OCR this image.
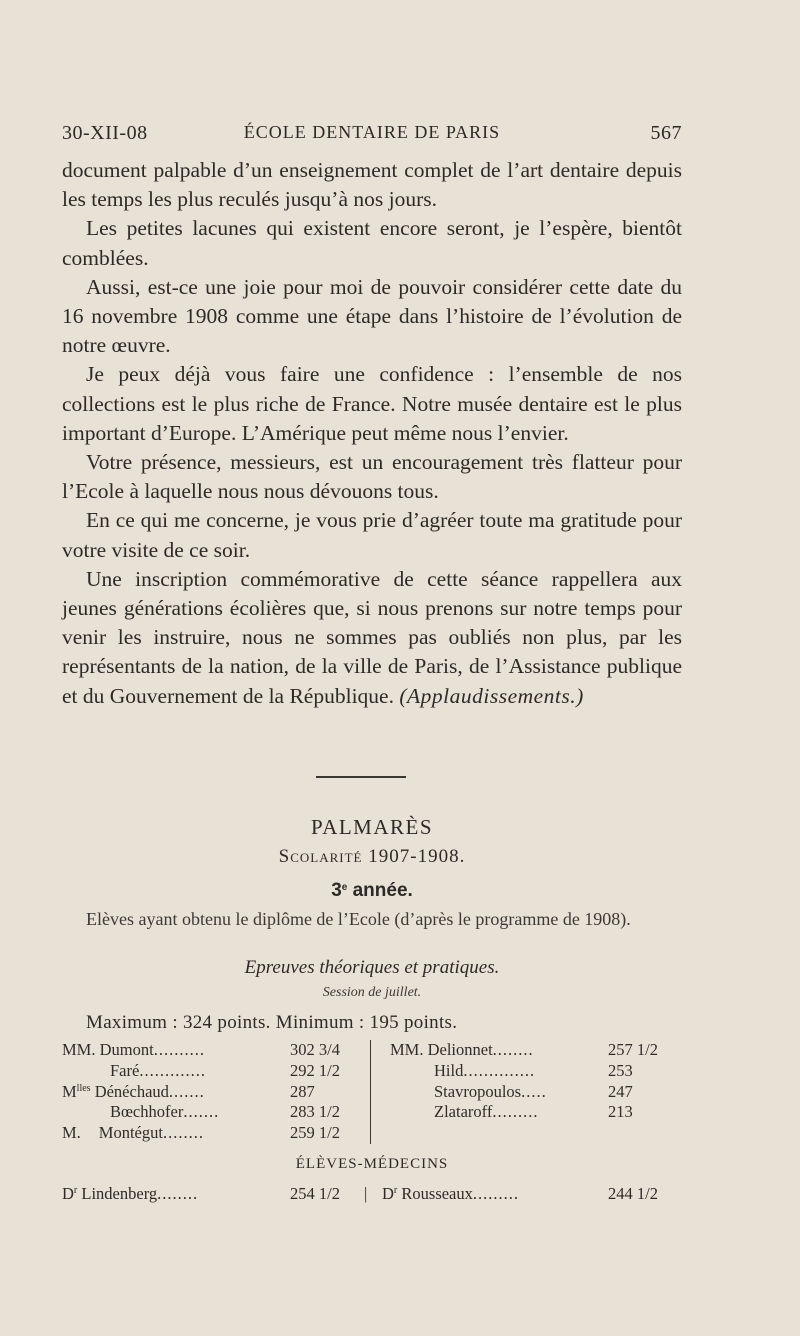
30-XII-08	ÉCOLE DENTAIRE DE PARIS	567

document palpable d’un enseignement complet de l’art dentaire depuis les temps les plus reculés jusqu’à nos jours.

Les petites lacunes qui existent encore seront, je l’espère, bientôt comblées.

Aussi, est-ce une joie pour moi de pouvoir considérer cette date du 16 novembre 1908 comme une étape dans l’histoire de l’évolution de notre œuvre.

Je peux déjà vous faire une confidence : l’ensemble de nos collections est le plus riche de France. Notre musée dentaire est le plus important d’Europe. L’Amérique peut même nous l’envier.

Votre présence, messieurs, est un encouragement très flatteur pour l’Ecole à laquelle nous nous dévouons tous.

En ce qui me concerne, je vous prie d’agréer toute ma gratitude pour votre visite de ce soir.

Une inscription commémorative de cette séance rappellera aux jeunes générations écolières que, si nous prenons sur notre temps pour venir les instruire, nous ne sommes pas oubliés non plus, par les représentants de la nation, de la ville de Paris, de l’Assistance publique et du Gouvernement de la République. (Applaudissements.)

PALMARÈS
Scolarité 1907-1908.
3e année.
Elèves ayant obtenu le diplôme de l’Ecole (d’après le programme de 1908).
Epreuves théoriques et pratiques.
Session de juillet.
Maximum : 324 points. Minimum : 195 points.
MM. Dumont..........	302 3/4
Faré.............	292 1/2
$M^{lles}$ Dénéchaud.......	287
Bœchhofer.......	283 1/2
M. Montégut........	259 1/2
MM. Delionnet........	257 1/2
Hild..............	253
Stavropoulos.....	247
Zlataroff.........	213
ÉLÈVES-MÉDECINS
$D^r$ Lindenberg........	254 1/2 | $D^r$ Rousseaux.........	244 1/2
